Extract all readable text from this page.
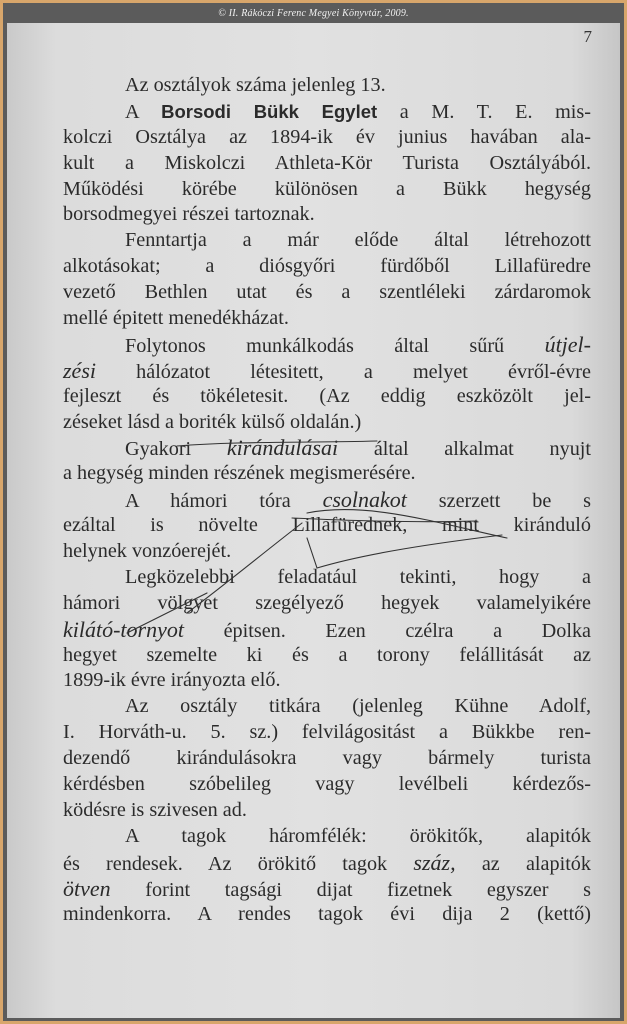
© II. Rákóczi Ferenc Megyei Könyvtár, 2009.
7
Az osztályok száma jelenleg 13.
A Borsodi Bükk Egylet a M. T. E. mis-
kolczi Osztálya az 1894-ik év junius havában ala-
kult a Miskolczi Athleta-Kör Turista Osztályából.
Működési körébe különösen a Bükk hegység
borsodmegyei részei tartoznak.
Fenntartja a már előde által létrehozott
alkotásokat; a diósgyőri fürdőből Lillafüredre
vezető Bethlen utat és a szentléleki zárdaromok
mellé épitett menedékházat.
Folytonos munkálkodás által sűrű útjel-
zési hálózatot létesitett, a melyet évről-évre
fejleszt és tökéletesit. (Az eddig eszközölt jel-
zéseket lásd a boriték külső oldalán.)
Gyakori kirándulásai által alkalmat nyujt
a hegység minden részének megismerésére.
A hámori tóra csolnakot szerzett be s
ezáltal is növelte Lillafürednek, mint kiránduló
helynek vonzóerejét.
Legközelebbi feladatául tekinti, hogy a
hámori völgyet szegélyező hegyek valamelyikére
kilátó-tornyot épitsen. Ezen czélra a Dolka
hegyet szemelte ki és a torony felállitását az
1899-ik évre irányozta elő.
Az osztály titkára (jelenleg Kühne Adolf,
I. Horváth-u. 5. sz.) felvilágositást a Bükkbe ren-
dezendő kirándulásokra vagy bármely turista
kérdésben szóbelileg vagy levélbeli kérdezős-
ködésre is szivesen ad.
A tagok háromfélék: örökitők, alapitók
és rendesek. Az örökitő tagok száz, az alapitók
ötven forint tagsági dijat fizetnek egyszer s
mindenkorra. A rendes tagok évi dija 2 (kettő)
